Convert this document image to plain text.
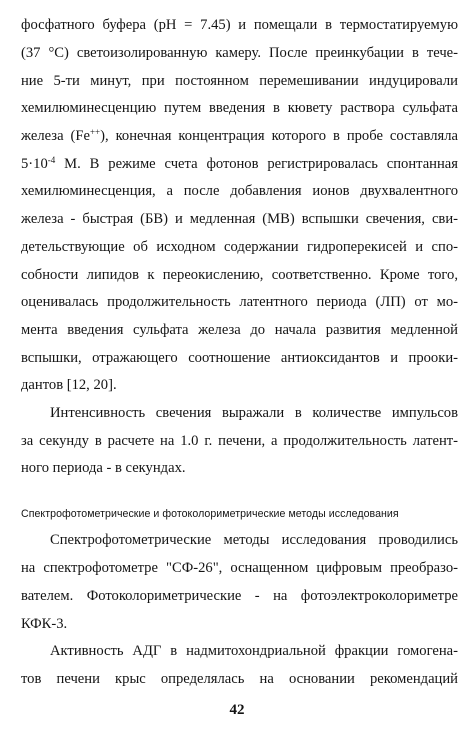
фосфатного буфера (pH = 7.45) и помещали в термостатируемую

(37 °С) светоизолированную камеру. После преинкубации в тече-

ние 5-ти минут, при постоянном перемешивании индуцировали

хемилюминесценцию путем введения в кювету раствора сульфата

железа (Fe++), конечная концентрация которого в пробе составляла

$5\cdot 10^{-4}$ М. В режиме счета фотонов регистрировалась спонтанная

хемилюминесценция, а после добавления ионов двухвалентного

железа - быстрая (БВ) и медленная (МВ) вспышки свечения, сви-

детельствующие об исходном содержании гидроперекисей и спо-

собности липидов к переокислению, соответственно. Кроме того,

оценивалась продолжительность латентного периода (ЛП) от мо-

мента введения сульфата железа до начала развития медленной

вспышки, отражающего соотношение антиоксидантов и прооки-

дантов [12, 20].

Интенсивность свечения выражали в количестве импульсов

за секунду в расчете на 1.0 г. печени, а продолжительность латент-

ного периода - в секундах.

Спектрофотометрические и фотоколориметрические методы исследования

Спектрофотометрические методы исследования проводились

на спектрофотометре "СФ-26", оснащенном цифровым преобразо-

вателем. Фотоколориметрические - на фотоэлектроколориметре

КФК-3.

Активность АДГ в надмитохондриальной фракции гомогена-

тов печени крыс определялась на основании рекомендаций

42
